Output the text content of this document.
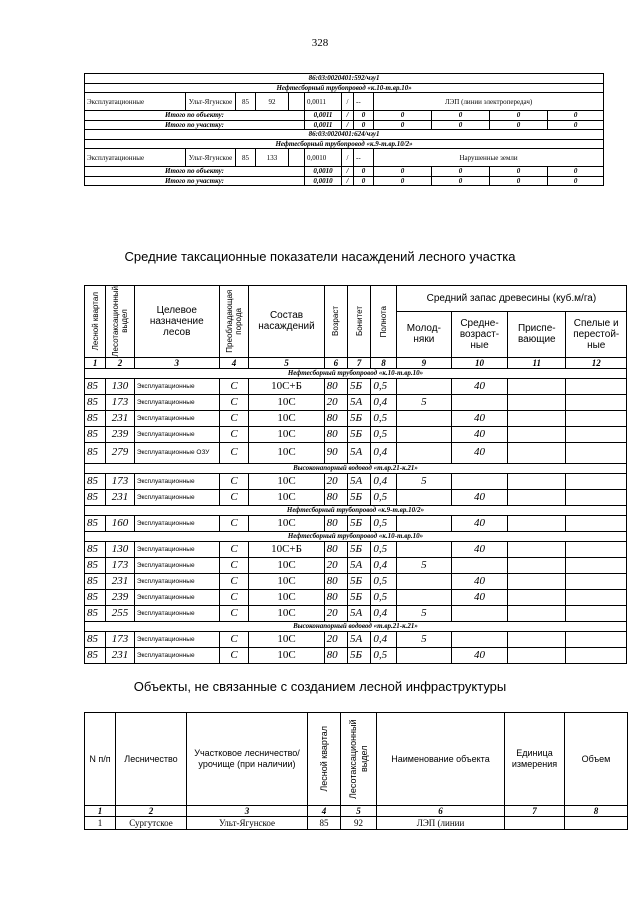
328
86:03:0020401:592/чзу1											
Нефтесборный трубопровод «к.10-т.вр.10»											
Эксплуатационные	Ульт-Ягунское	85	92		0,0011	/	--	ЛЭП (линии электропередач)			
Итого по объекту:					0,0011	/	0	0	0	0	0
Итого по участку:					0,0011	/	0	0	0	0	0
86:03:0020401:624/чзу1											
Нефтесборный трубопровод «к.9-т.вр.10/2»											
Эксплуатационные	Ульт-Ягунское	85	133		0,0010	/	--	Нарушенные земли			
Итого по объекту:					0,0010	/	0	0	0	0	0
Итого по участку:					0,0010	/	0	0	0	0	0
Средние таксационные показатели насаждений лесного участка
Лесной квартал	Лесотаксационный выдел	Целевое назначение лесов	Преобладающая порода	Состав насаждений	Возраст	Бонитет	Полнота	Средний запас древесины (куб.м/га)			
								Молод-няки	Средне-возраст-ные	Приспе-вающие	Спелые и перестой-ные
1	2	3	4	5	6	7	8	9	10	11	12
Нефтесборный трубопровод «к.10-т.вр.10»											
85	130	Эксплуатационные	С	10С+Б	80	5Б	0,5		40		
85	173	Эксплуатационные	С	10С	20	5А	0,4	5			
85	231	Эксплуатационные	С	10С	80	5Б	0,5		40		
85	239	Эксплуатационные	С	10С	80	5Б	0,5		40		
85	279	Эксплуатационные ОЗУ	С	10С	90	5А	0,4		40		
Высоконапорный водовод «т.вр.21-к.21»											
85	173	Эксплуатационные	С	10С	20	5А	0,4	5			
85	231	Эксплуатационные	С	10С	80	5Б	0,5		40		
Нефтесборный трубопровод «к.9-т.вр.10/2»											
85	160	Эксплуатационные	С	10С	80	5Б	0,5		40		
Нефтесборный трубопровод «к.10-т.вр.10»											
85	130	Эксплуатационные	С	10С+Б	80	5Б	0,5		40		
85	173	Эксплуатационные	С	10С	20	5А	0,4	5			
85	231	Эксплуатационные	С	10С	80	5Б	0,5		40		
85	239	Эксплуатационные	С	10С	80	5Б	0,5		40		
85	255	Эксплуатационные	С	10С	20	5А	0,4	5			
Высоконапорный водовод «т.вр.21-к.21»											
85	173	Эксплуатационные	С	10С	20	5А	0,4	5			
85	231	Эксплуатационные	С	10С	80	5Б	0,5		40		
Объекты, не связанные с созданием лесной инфраструктуры
N п/п	Лесничество	Участковое лесничество/урочище (при наличии)	Лесной квартал	Лесотаксационный выдел	Наименование объекта	Единица измерения	Объем
1	2	3	4	5	6	7	8
1	Сургутское	Ульт-Ягунское	85	92	ЛЭП (линии		
